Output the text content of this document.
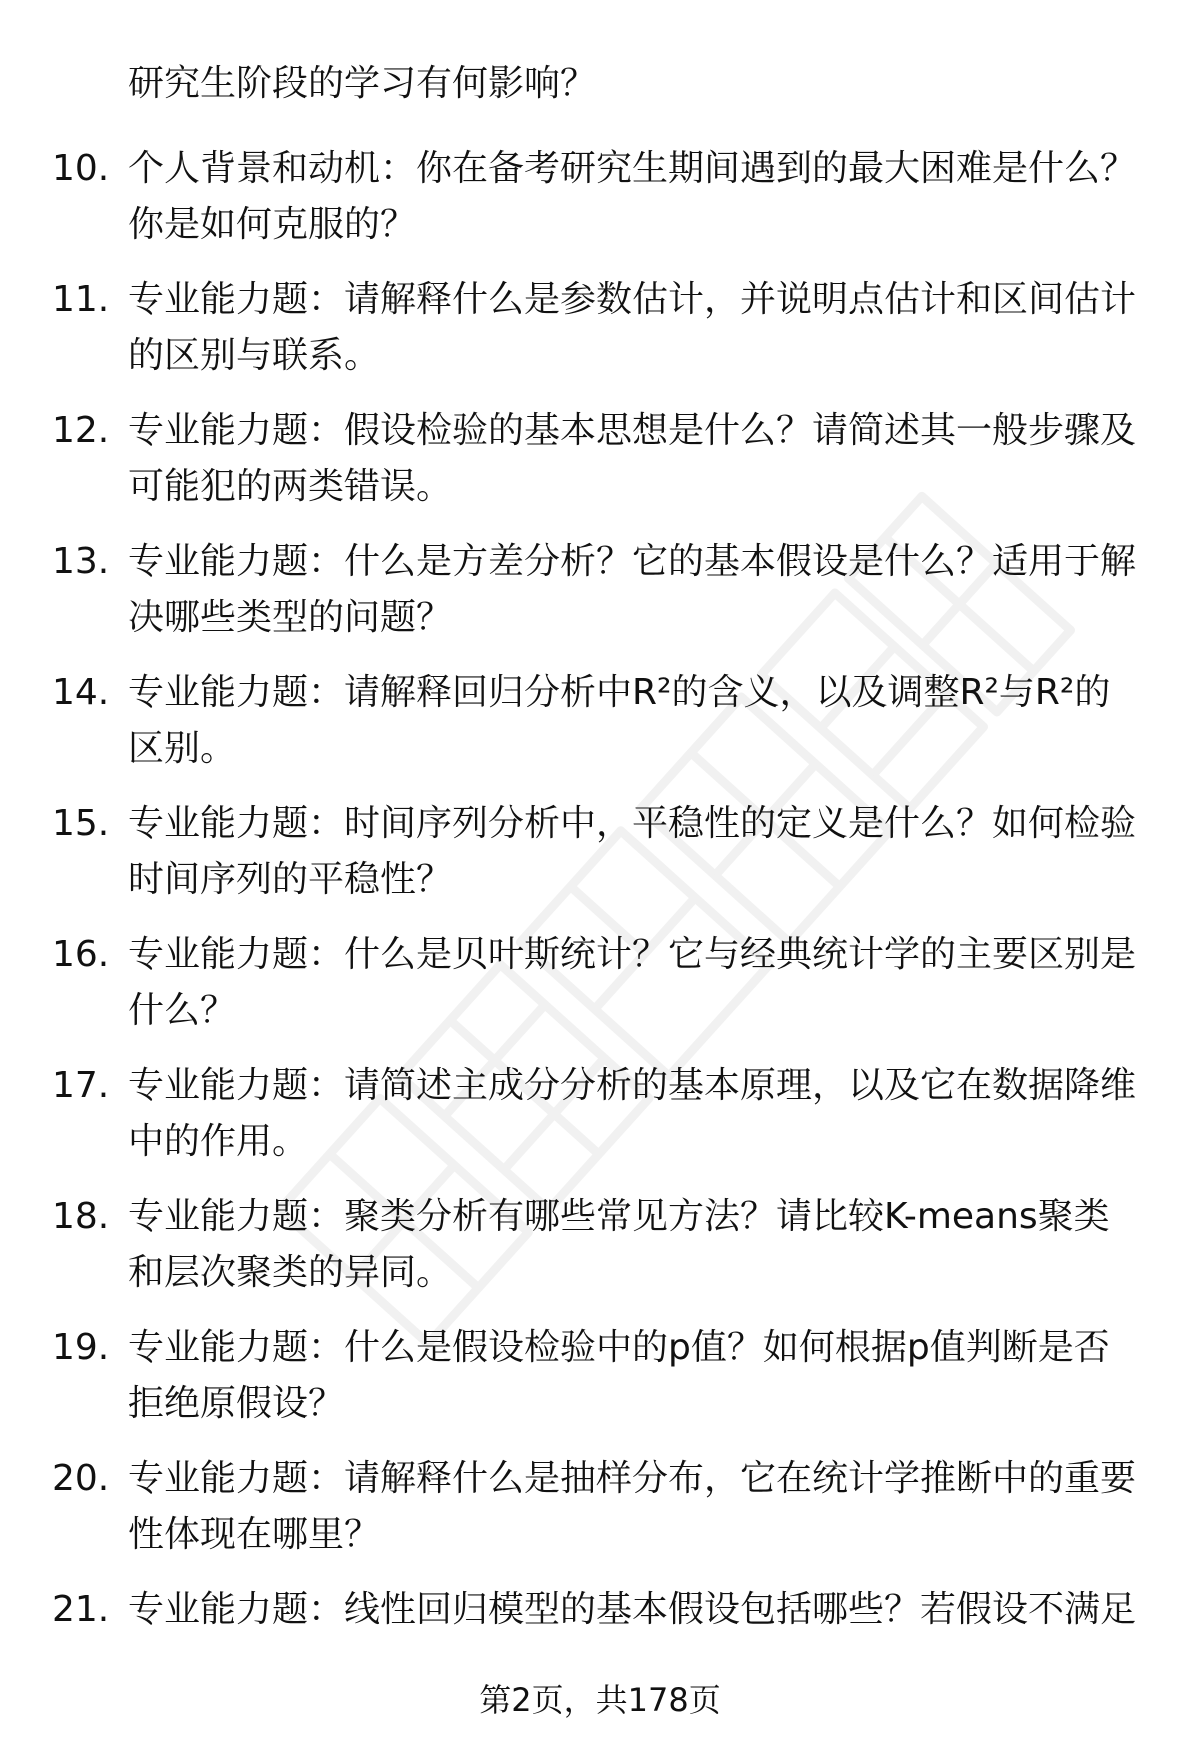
研究生阶段的学习有何影响？
10. 个人背景和动机：你在备考研究生期间遇到的最大困难是什么？你是如何克服的？
11. 专业能力题：请解释什么是参数估计，并说明点估计和区间估计的区别与联系。
12. 专业能力题：假设检验的基本思想是什么？请简述其一般步骤及可能犯的两类错误。
13. 专业能力题：什么是方差分析？它的基本假设是什么？适用于解决哪些类型的问题？
14. 专业能力题：请解释回归分析中R²的含义，以及调整R²与R²的区别。
15. 专业能力题：时间序列分析中，平稳性的定义是什么？如何检验时间序列的平稳性？
16. 专业能力题：什么是贝叶斯统计？它与经典统计学的主要区别是什么？
17. 专业能力题：请简述主成分分析的基本原理，以及它在数据降维中的作用。
18. 专业能力题：聚类分析有哪些常见方法？请比较K-means聚类和层次聚类的异同。
19. 专业能力题：什么是假设检验中的p值？如何根据p值判断是否拒绝原假设？
20. 专业能力题：请解释什么是抽样分布，它在统计学推断中的重要性体现在哪里？
21. 专业能力题：线性回归模型的基本假设包括哪些？若假设不满足
第2页，共178页
